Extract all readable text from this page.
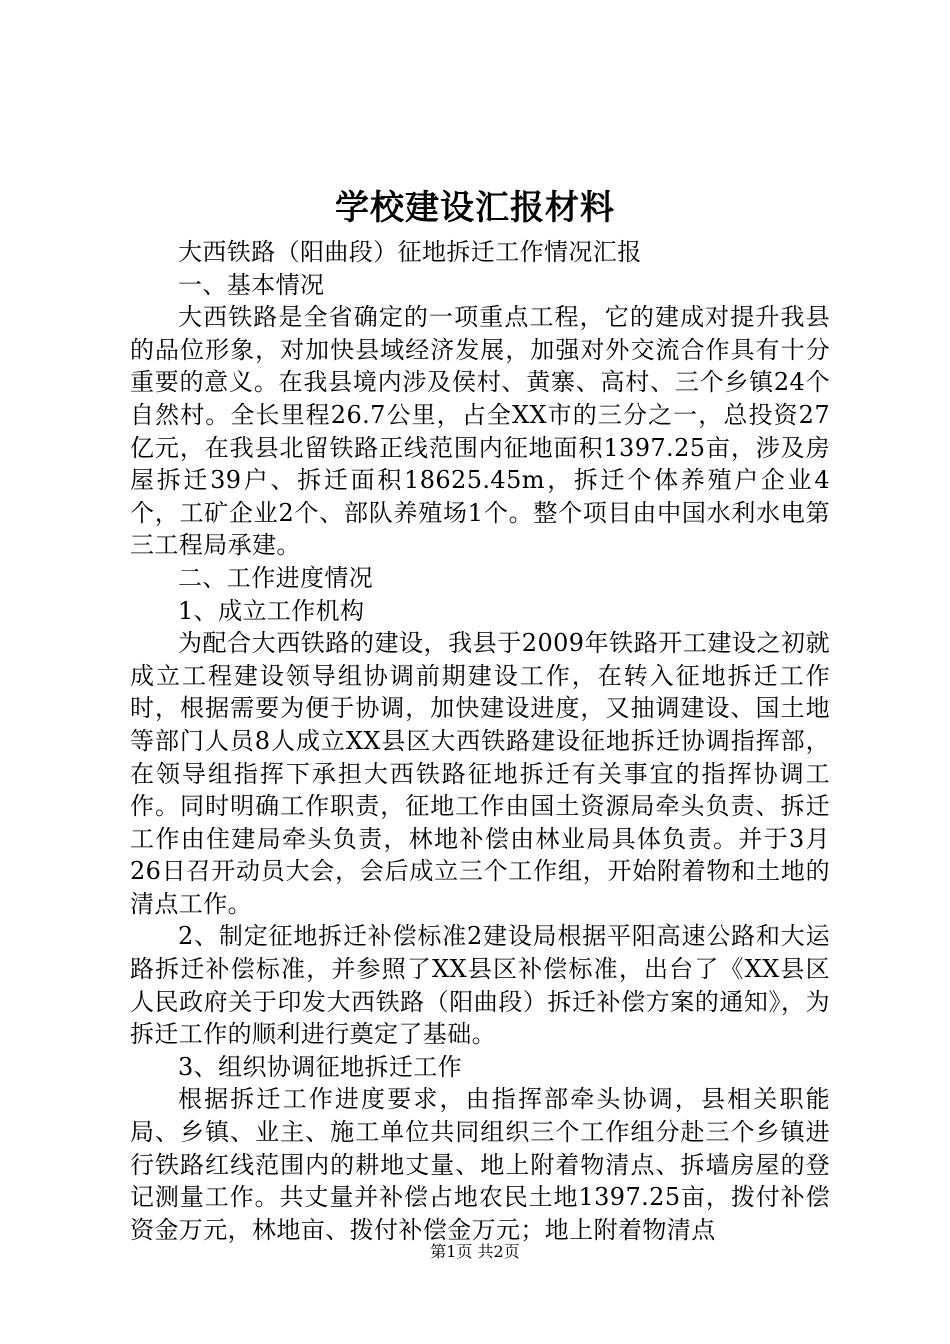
学校建设汇报材料

大西铁路（阳曲段）征地拆迁工作情况汇报

一、基本情况

大西铁路是全省确定的一项重点工程，它的建成对提升我县的品位形象，对加快县域经济发展，加强对外交流合作具有十分重要的意义。在我县境内涉及侯村、黄寨、高村、三个乡镇24个自然村。全长里程26.7公里，占全XX市的三分之一，总投资27亿元，在我县北留铁路正线范围内征地面积1397.25亩，涉及房屋拆迁39户、拆迁面积18625.45m，拆迁个体养殖户企业4个，工矿企业2个、部队养殖场1个。整个项目由中国水利水电第三工程局承建。

二、工作进度情况

1、成立工作机构

为配合大西铁路的建设，我县于2009年铁路开工建设之初就成立工程建设领导组协调前期建设工作，在转入征地拆迁工作时，根据需要为便于协调，加快建设进度，又抽调建设、国土地等部门人员8人成立XX县区大西铁路建设征地拆迁协调指挥部，在领导组指挥下承担大西铁路征地拆迁有关事宜的指挥协调工作。同时明确工作职责，征地工作由国土资源局牵头负责、拆迁工作由住建局牵头负责，林地补偿由林业局具体负责。并于3月26日召开动员大会，会后成立三个工作组，开始附着物和土地的清点工作。

2、制定征地拆迁补偿标准2建设局根据平阳高速公路和大运路拆迁补偿标准，并参照了XX县区补偿标准，出台了《XX县区人民政府关于印发大西铁路（阳曲段）拆迁补偿方案的通知》，为拆迁工作的顺利进行奠定了基础。

3、组织协调征地拆迁工作

根据拆迁工作进度要求，由指挥部牵头协调，县相关职能局、乡镇、业主、施工单位共同组织三个工作组分赴三个乡镇进行铁路红线范围内的耕地丈量、地上附着物清点、拆墙房屋的登记测量工作。共丈量并补偿占地农民土地1397.25亩，拨付补偿资金万元，林地亩、拨付补偿金万元；地上附着物清点

第1页 共2页
